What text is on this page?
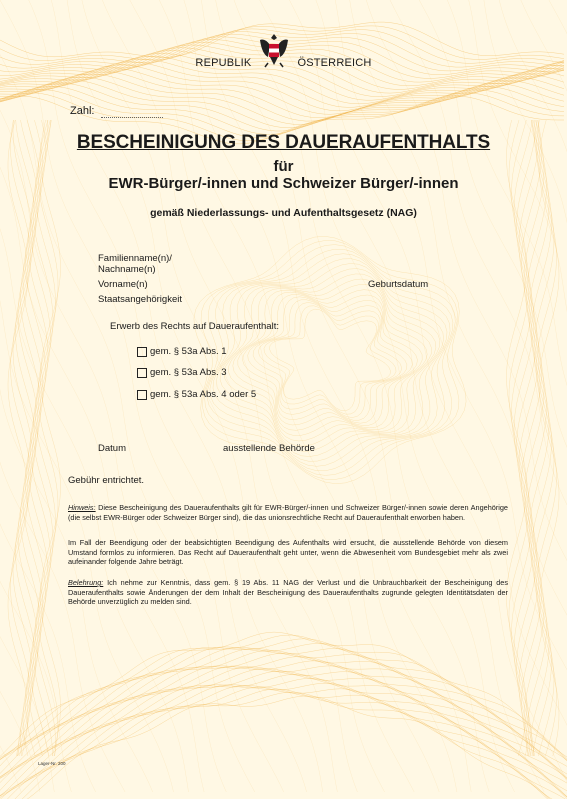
REPUBLIK	ÖSTERREICH
Zahl:
BESCHEINIGUNG DES DAUERAUFENTHALTS
für
EWR-Bürger/-innen und Schweizer Bürger/-innen
gemäß Niederlassungs- und Aufenthaltsgesetz (NAG)
Familienname(n)/
Nachname(n)
Vorname(n)	Geburtsdatum
Staatsangehörigkeit
Erwerb des Rechts auf Daueraufenthalt:
gem. § 53a Abs. 1
gem. § 53a Abs. 3
gem. § 53a Abs. 4 oder 5
Datum	ausstellende Behörde
Gebühr entrichtet.
Hinweis: Diese Bescheinigung des Daueraufenthalts gilt für EWR-Bürger/-innen und Schweizer Bürger/-innen sowie deren Angehörige (die selbst EWR-Bürger oder Schweizer Bürger sind), die das unionsrechtliche Recht auf Daueraufenthalt erworben haben.
Im Fall der Beendigung oder der beabsichtigten Beendigung des Aufenthalts wird ersucht, die ausstellende Behörde von diesem Umstand formlos zu informieren. Das Recht auf Daueraufenthalt geht unter, wenn die Abwesenheit vom Bundesgebiet mehr als zwei aufeinander folgende Jahre beträgt.
Belehrung: Ich nehme zur Kenntnis, dass gem. § 19 Abs. 11 NAG der Verlust und die Unbrauchbarkeit der Bescheinigung des Daueraufenthalts sowie Änderungen der dem Inhalt der Bescheinigung des Daueraufenthalts zugrunde gelegten Identitätsdaten der Behörde unverzüglich zu melden sind.
Lager-Nr. 200
